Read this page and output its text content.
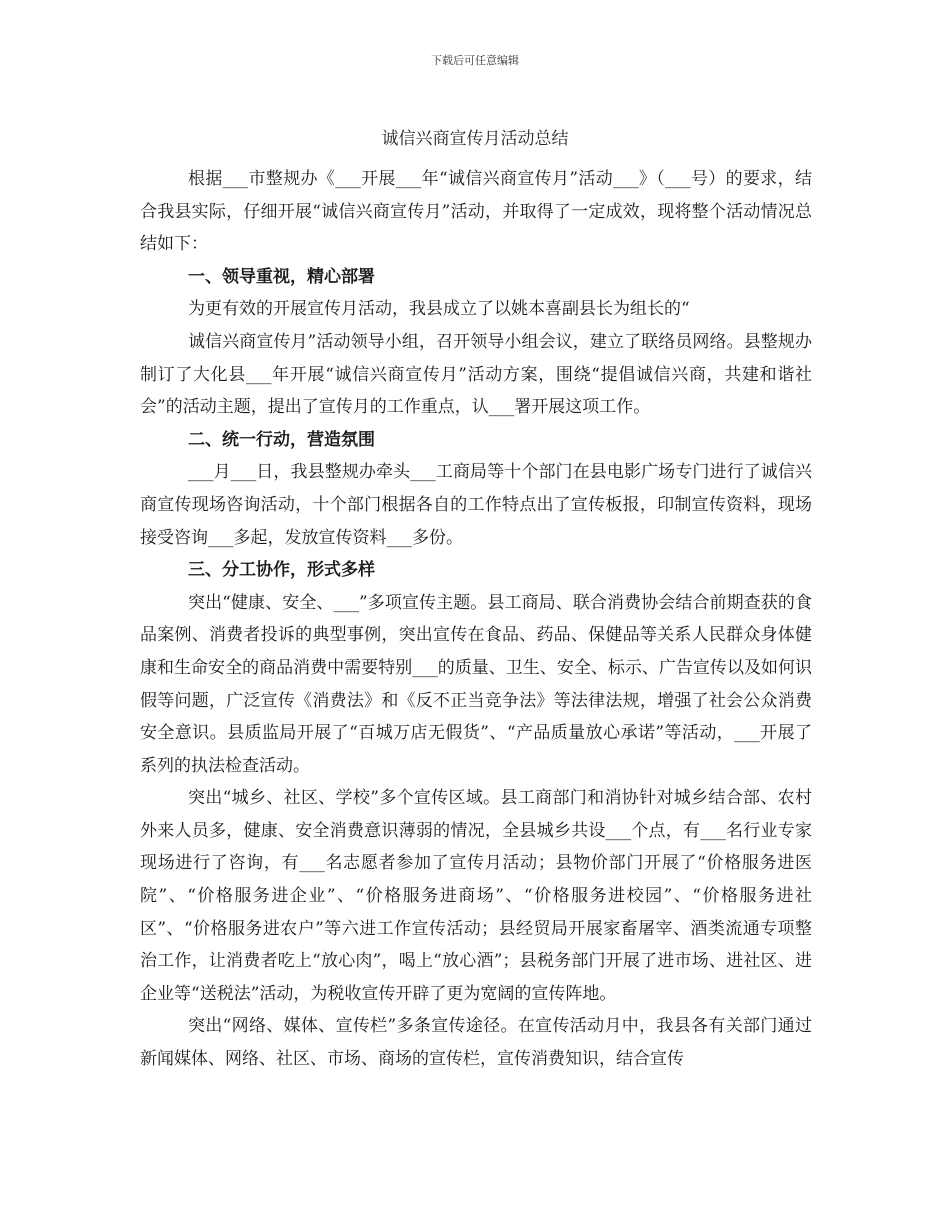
下载后可任意编辑
诚信兴商宣传月活动总结

根据___市整规办《___开展___年“诚信兴商宣传月”活动___》（___号）的要求，结合我县实际，仔细开展“诚信兴商宣传月”活动，并取得了一定成效，现将整个活动情况总结如下：

一、领导重视，精心部署

为更有效的开展宣传月活动，我县成立了以姚本喜副县长为组长的“

诚信兴商宣传月”活动领导小组，召开领导小组会议，建立了联络员网络。县整规办制订了大化县___年开展“诚信兴商宣传月”活动方案，围绕“提倡诚信兴商，共建和谐社会”的活动主题，提出了宣传月的工作重点，认___署开展这项工作。

二、统一行动，营造氛围

___月___日，我县整规办牵头___工商局等十个部门在县电影广场专门进行了诚信兴商宣传现场咨询活动，十个部门根据各自的工作特点出了宣传板报，印制宣传资料，现场接受咨询___多起，发放宣传资料___多份。

三、分工协作，形式多样

突出“健康、安全、___”多项宣传主题。县工商局、联合消费协会结合前期查获的食品案例、消费者投诉的典型事例，突出宣传在食品、药品、保健品等关系人民群众身体健康和生命安全的商品消费中需要特别___的质量、卫生、安全、标示、广告宣传以及如何识假等问题，广泛宣传《消费法》和《反不正当竞争法》等法律法规，增强了社会公众消费安全意识。县质监局开展了“百城万店无假货”、“产品质量放心承诺”等活动，___开展了系列的执法检查活动。

突出“城乡、社区、学校”多个宣传区域。县工商部门和消协针对城乡结合部、农村外来人员多，健康、安全消费意识薄弱的情况，全县城乡共设___个点，有___名行业专家现场进行了咨询，有___名志愿者参加了宣传月活动；县物价部门开展了“价格服务进医院”、“价格服务进企业”、“价格服务进商场”、“价格服务进校园”、“价格服务进社区”、“价格服务进农户”等六进工作宣传活动；县经贸局开展家畜屠宰、酒类流通专项整治工作，让消费者吃上“放心肉”，喝上“放心酒”；县税务部门开展了进市场、进社区、进企业等“送税法”活动，为税收宣传开辟了更为宽阔的宣传阵地。

突出“网络、媒体、宣传栏”多条宣传途径。在宣传活动月中，我县各有关部门通过新闻媒体、网络、社区、市场、商场的宣传栏，宣传消费知识，结合宣传
